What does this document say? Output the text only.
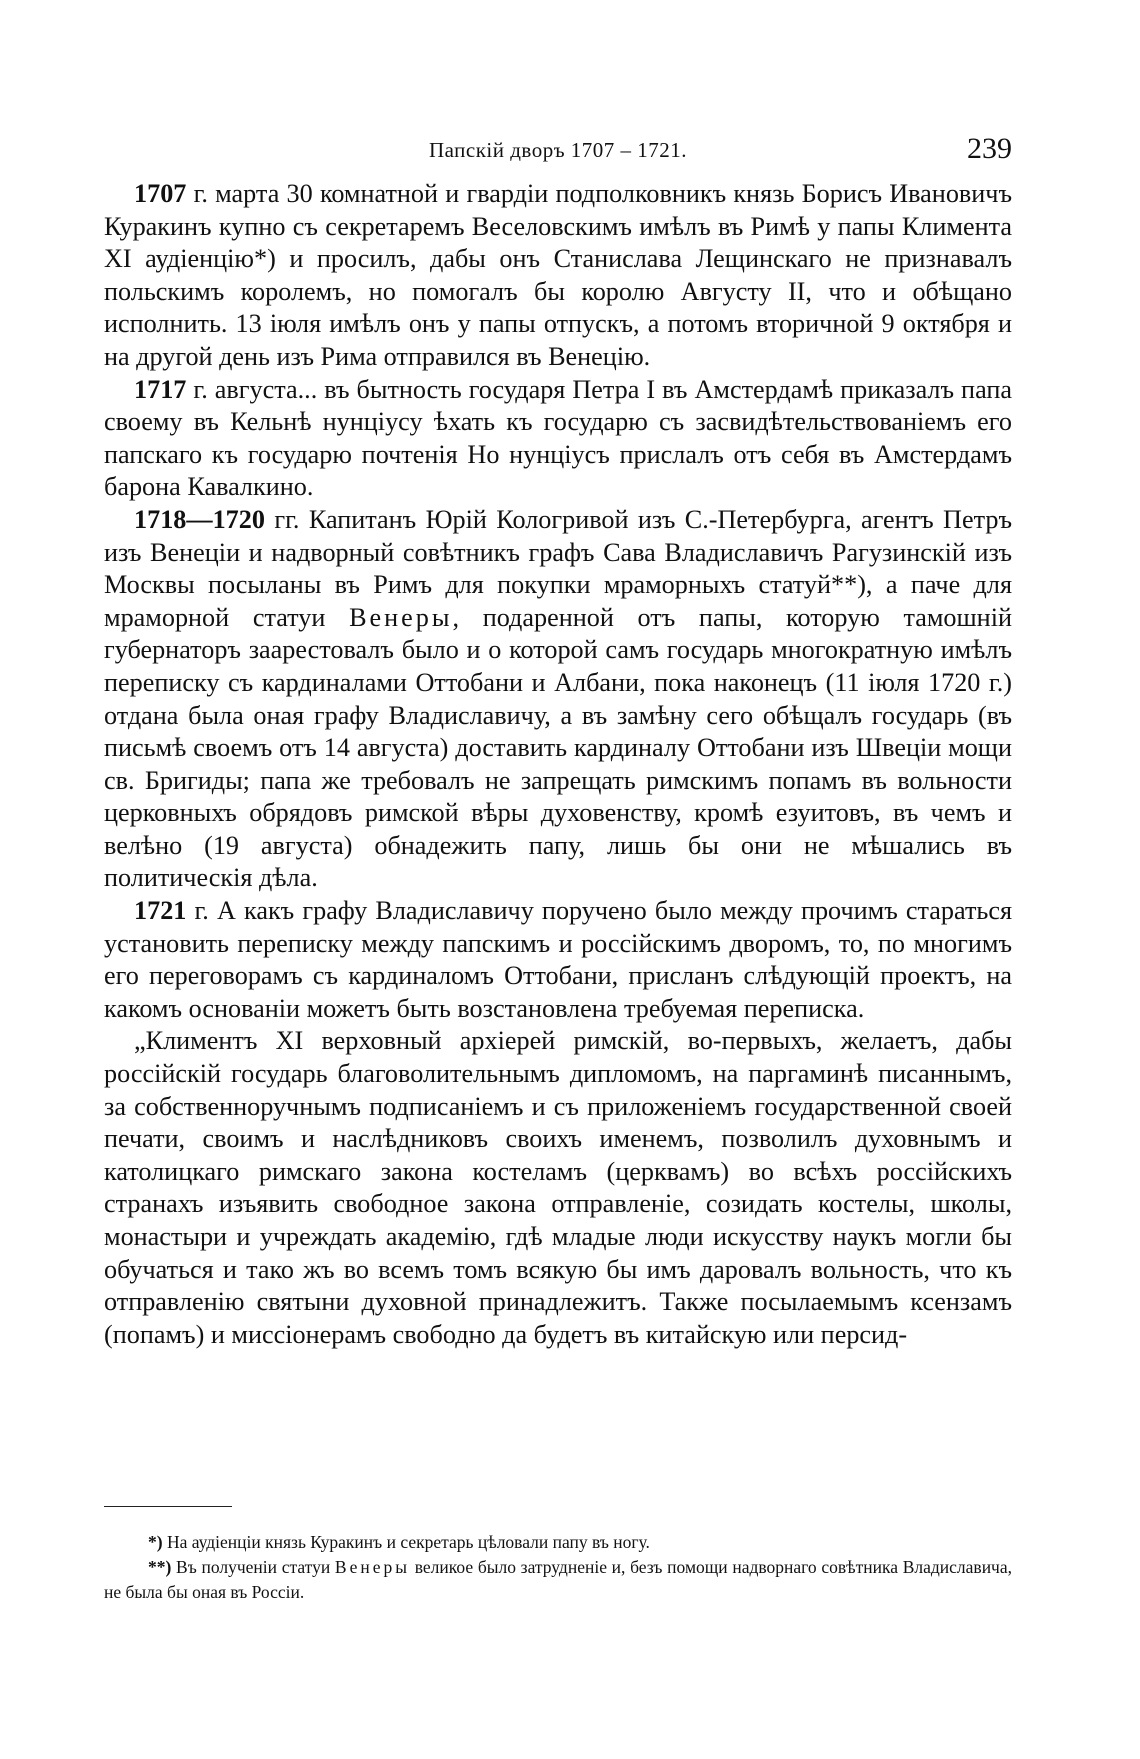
Папскій дворъ 1707 – 1721.	239

1707 г. марта 30 комнатной и гвардіи подполковникъ князь Борисъ Ивановичъ Куракинъ купно съ секретаремъ Веселовскимъ имѣлъ въ Римѣ у папы Климента XI аудіенцію*) и просилъ, дабы онъ Станислава Лещинскаго не признавалъ польскимъ королемъ, но помогалъ бы королю Августу II, что и обѣщано исполнить. 13 іюля имѣлъ онъ у папы отпускъ, а потомъ вторичной 9 октября и на другой день изъ Рима отправился въ Венецію.

1717 г. августа... въ бытность государя Петра I въ Амстердамѣ приказалъ папа своему въ Кельнѣ нунціусу ѣхать къ государю съ засвидѣтельствованіемъ его папскаго къ государю почтенія Но нунціусъ прислалъ отъ себя въ Амстердамъ барона Кавалкино.

1718—1720 гг. Капитанъ Юрій Кологривой изъ С.-Петербурга, агентъ Петръ изъ Венеціи и надворный совѣтникъ графъ Сава Владиславичъ Рагузинскій изъ Москвы посыланы въ Римъ для покупки мраморныхъ статуй**), а паче для мраморной статуи Венеры, подаренной отъ папы, которую тамошній губернаторъ заарестовалъ было и о которой самъ государь многократную имѣлъ переписку съ кардиналами Оттобани и Албани, пока наконецъ (11 іюля 1720 г.) отдана была оная графу Владиславичу, а въ замѣну сего обѣщалъ государь (въ письмѣ своемъ отъ 14 августа) доставить кардиналу Оттобани изъ Швеціи мощи св. Бригиды; папа же требовалъ не запрещать римскимъ попамъ въ вольности церковныхъ обрядовъ римской вѣры духовенству, кромѣ езуитовъ, въ чемъ и велѣно (19 августа) обнадежить папу, лишь бы они не мѣшались въ политическія дѣла.

1721 г. А какъ графу Владиславичу поручено было между прочимъ стараться установить переписку между папскимъ и россійскимъ дворомъ, то, по многимъ его переговорамъ съ кардиналомъ Оттобани, присланъ слѣдующій проектъ, на какомъ основаніи можетъ быть возстановлена требуемая переписка.

„Климентъ XI верховный архіерей римскій, во-первыхъ, желаетъ, дабы россійскій государь благоволительнымъ дипломомъ, на паргаминѣ писаннымъ, за собственноручнымъ подписаніемъ и съ приложеніемъ государственной своей печати, своимъ и наслѣдниковъ своихъ именемъ, позволилъ духовнымъ и католицкаго римскаго закона костеламъ (церквамъ) во всѣхъ россійскихъ странахъ изъявить свободное закона отправленіе, созидать костелы, школы, монастыри и учреждать академію, гдѣ младые люди искусству наукъ могли бы обучаться и тако жъ во всемъ томъ всякую бы имъ даровалъ вольность, что къ отправленію святыни духовной принадлежитъ. Также посылаемымъ ксензамъ (попамъ) и миссіонерамъ свободно да будетъ въ китайскую или персид-

*) На аудіенціи князь Куракинъ и секретарь цѣловали папу въ ногу.

**) Въ полученіи статуи Венеры великое было затрудненіе и, безъ помощи надворнаго совѣтника Владиславича, не была бы оная въ Россіи.
